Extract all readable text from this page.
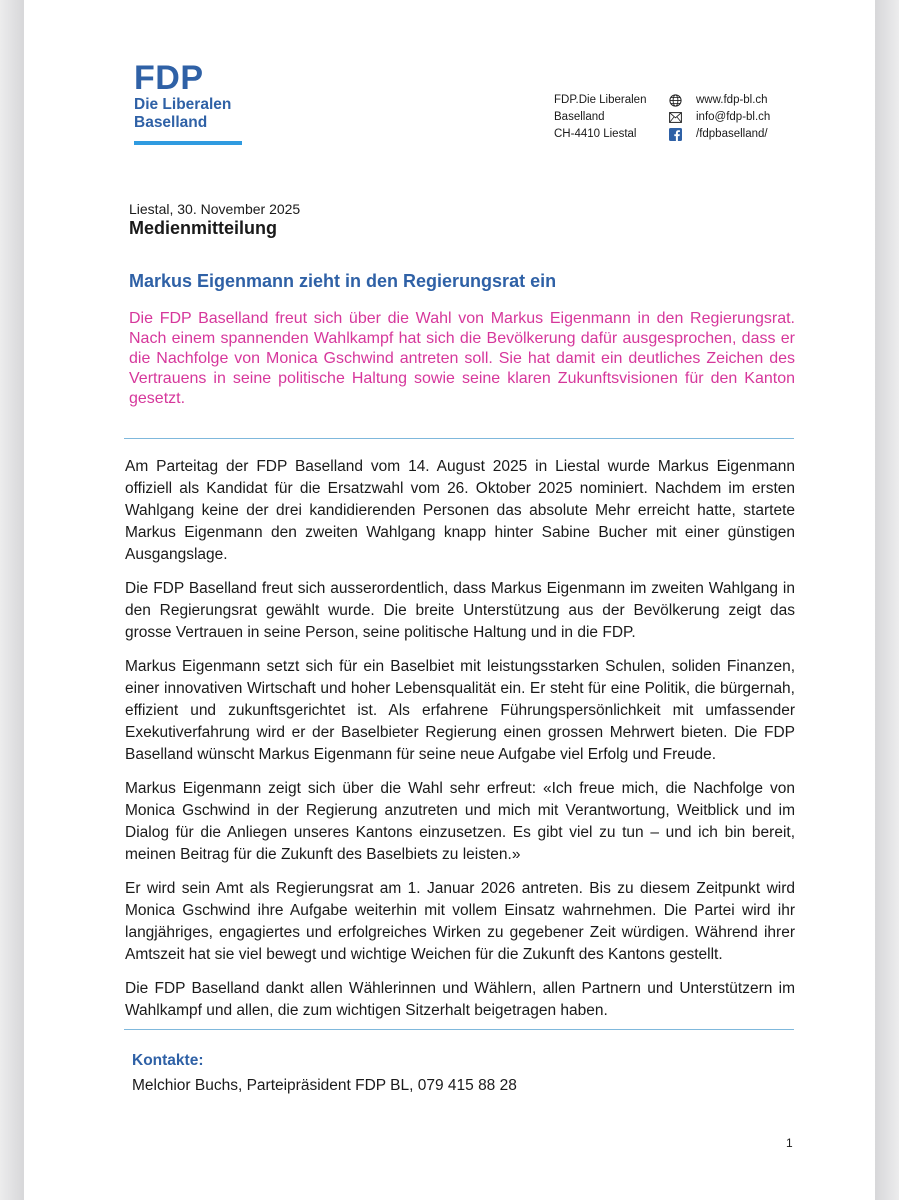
FDP
Die Liberalen
Baselland
FDP.Die Liberalen
Baselland
CH-4410 Liestal
www.fdp-bl.ch
info@fdp-bl.ch
/fdpbaselland/
Liestal, 30. November 2025
Medienmitteilung
Markus Eigenmann zieht in den Regierungsrat ein
Die FDP Baselland freut sich über die Wahl von Markus Eigenmann in den Regierungsrat. Nach einem spannenden Wahlkampf hat sich die Bevölkerung dafür ausgesprochen, dass er die Nachfolge von Monica Gschwind antreten soll. Sie hat damit ein deutliches Zeichen des Vertrauens in seine politische Haltung sowie seine klaren Zukunftsvisionen für den Kanton gesetzt.

Am Parteitag der FDP Baselland vom 14. August 2025 in Liestal wurde Markus Eigenmann offiziell als Kandidat für die Ersatzwahl vom 26. Oktober 2025 nominiert. Nachdem im ersten Wahlgang keine der drei kandidierenden Personen das absolute Mehr erreicht hatte, startete Markus Eigenmann den zweiten Wahlgang knapp hinter Sabine Bucher mit einer günstigen Ausgangslage.

Die FDP Baselland freut sich ausserordentlich, dass Markus Eigenmann im zweiten Wahlgang in den Regierungsrat gewählt wurde. Die breite Unterstützung aus der Bevölkerung zeigt das grosse Vertrauen in seine Person, seine politische Haltung und in die FDP.

Markus Eigenmann setzt sich für ein Baselbiet mit leistungsstarken Schulen, soliden Finanzen, einer innovativen Wirtschaft und hoher Lebensqualität ein. Er steht für eine Politik, die bürgernah, effizient und zukunftsgerichtet ist. Als erfahrene Führungspersönlichkeit mit umfassender Exekutiverfahrung wird er der Baselbieter Regierung einen grossen Mehrwert bieten. Die FDP Baselland wünscht Markus Eigenmann für seine neue Aufgabe viel Erfolg und Freude.

Markus Eigenmann zeigt sich über die Wahl sehr erfreut: «Ich freue mich, die Nachfolge von Monica Gschwind in der Regierung anzutreten und mich mit Verantwortung, Weitblick und im Dialog für die Anliegen unseres Kantons einzusetzen. Es gibt viel zu tun – und ich bin bereit, meinen Beitrag für die Zukunft des Baselbiets zu leisten.»

Er wird sein Amt als Regierungsrat am 1. Januar 2026 antreten. Bis zu diesem Zeitpunkt wird Monica Gschwind ihre Aufgabe weiterhin mit vollem Einsatz wahrnehmen. Die Partei wird ihr langjähriges, engagiertes und erfolgreiches Wirken zu gegebener Zeit würdigen. Während ihrer Amtszeit hat sie viel bewegt und wichtige Weichen für die Zukunft des Kantons gestellt.

Die FDP Baselland dankt allen Wählerinnen und Wählern, allen Partnern und Unterstützern im Wahlkampf und allen, die zum wichtigen Sitzerhalt beigetragen haben.

Kontakte:
Melchior Buchs, Parteipräsident FDP BL, 079 415 88 28
1
